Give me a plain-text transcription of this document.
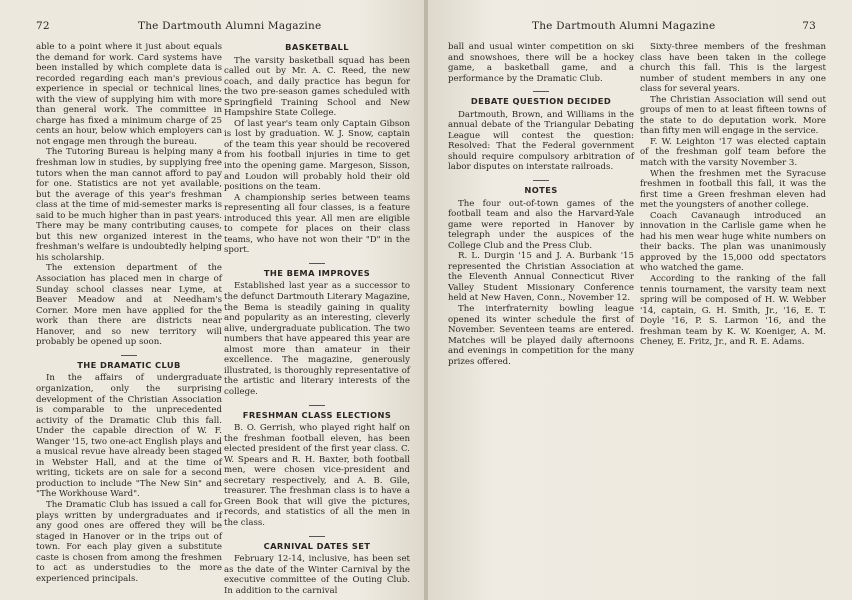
72	The Dartmouth Alumni Magazine

able to a point where it just about equals the demand for work. Card systems have been installed by which complete data is recorded regarding each man's previous experience in special or technical lines, with the view of supplying him with more than general work. The committee in charge has fixed a minimum charge of 25 cents an hour, below which employers can not engage men through the bureau.

The Tutoring Bureau is helping many a freshman low in studies, by supplying free tutors when the man cannot afford to pay for one. Statistics are not yet available, but the average of this year's freshman class at the time of mid-semester marks is said to be much higher than in past years. There may be many contributing causes, but this new organized interest in the freshman's welfare is undoubtedly helping his scholarship.

The extension department of the Association has placed men in charge of Sunday school classes near Lyme, at Beaver Meadow and at Needham's Corner. More men have applied for the work than there are districts near Hanover, and so new territory will probably be opened up soon.

THE DRAMATIC CLUB

In the affairs of undergraduate organization, only the surprising development of the Christian Association is comparable to the unprecedented activity of the Dramatic Club this fall. Under the capable direction of W. F. Wanger '15, two one-act English plays and a musical revue have already been staged in Webster Hall, and at the time of writing, tickets are on sale for a second production to include "The New Sin" and "The Workhouse Ward".

The Dramatic Club has issued a call for plays written by undergraduates and if any good ones are offered they will be staged in Hanover or in the trips out of town. For each play given a substitute caste is chosen from among the freshmen to act as understudies to the more experienced principals.

BASKETBALL

The varsity basketball squad has been called out by Mr. A. C. Reed, the new coach, and daily practice has begun for the two pre-season games scheduled with Springfield Training School and New Hampshire State College.

Of last year's team only Captain Gibson is lost by graduation. W. J. Snow, captain of the team this year should be recovered from his football injuries in time to get into the opening game. Margeson, Sisson, and Loudon will probably hold their old positions on the team.

A championship series between teams representing all four classes, is a feature introduced this year. All men are eligible to compete for places on their class teams, who have not won their "D" in the sport.

THE BEMA IMPROVES

Established last year as a successor to the defunct Dartmouth Literary Magazine, the Bema is steadily gaining in quality and popularity as an interesting, cleverly alive, undergraduate publication. The two numbers that have appeared this year are almost more than amateur in their excellence. The magazine, generously illustrated, is thoroughly representative of the artistic and literary interests of the college.

FRESHMAN CLASS ELECTIONS

B. O. Gerrish, who played right half on the freshman football eleven, has been elected president of the first year class. C. W. Spears and R. H. Baxter, both football men, were chosen vice-president and secretary respectively, and A. B. Gile, treasurer. The freshman class is to have a Green Book that will give the pictures, records, and statistics of all the men in the class.

CARNIVAL DATES SET

February 12-14, inclusive, has been set as the date of the Winter Carnival by the executive committee of the Outing Club. In addition to the carnival

The Dartmouth Alumni Magazine	73

ball and usual winter competition on ski and snowshoes, there will be a hockey game, a basketball game, and a performance by the Dramatic Club.

DEBATE QUESTION DECIDED

Dartmouth, Brown, and Williams in the annual debate of the Triangular Debating League will contest the question: Resolved: That the Federal government should require compulsory arbitration of labor disputes on interstate railroads.

NOTES

The four out-of-town games of the football team and also the Harvard-Yale game were reported in Hanover by telegraph under the auspices of the College Club and the Press Club.

R. L. Durgin '15 and J. A. Burbank '15 represented the Christian Association at the Eleventh Annual Connecticut River Valley Student Missionary Conference held at New Haven, Conn., November 12.

The interfraternity bowling league opened its winter schedule the first of November. Seventeen teams are entered. Matches will be played daily afternoons and evenings in competition for the many prizes offered.

Sixty-three members of the freshman class have been taken in the college church this fall. This is the largest number of student members in any one class for several years.

The Christian Association will send out groups of men to at least fifteen towns of the state to do deputation work. More than fifty men will engage in the service.

F. W. Leighton '17 was elected captain of the freshman golf team before the match with the varsity November 3.

When the freshmen met the Syracuse freshmen in football this fall, it was the first time a Green freshman eleven had met the youngsters of another college.

Coach Cavanaugh introduced an innovation in the Carlisle game when he had his men wear huge white numbers on their backs. The plan was unanimously approved by the 15,000 odd spectators who watched the game.

According to the ranking of the fall tennis tournament, the varsity team next spring will be composed of H. W. Webber '14, captain, G. H. Smith, Jr., '16, E. T. Doyle '16, P. S. Larmon '16, and the freshman team by K. W. Koeniger, A. M. Cheney, E. Fritz, Jr., and R. E. Adams.
